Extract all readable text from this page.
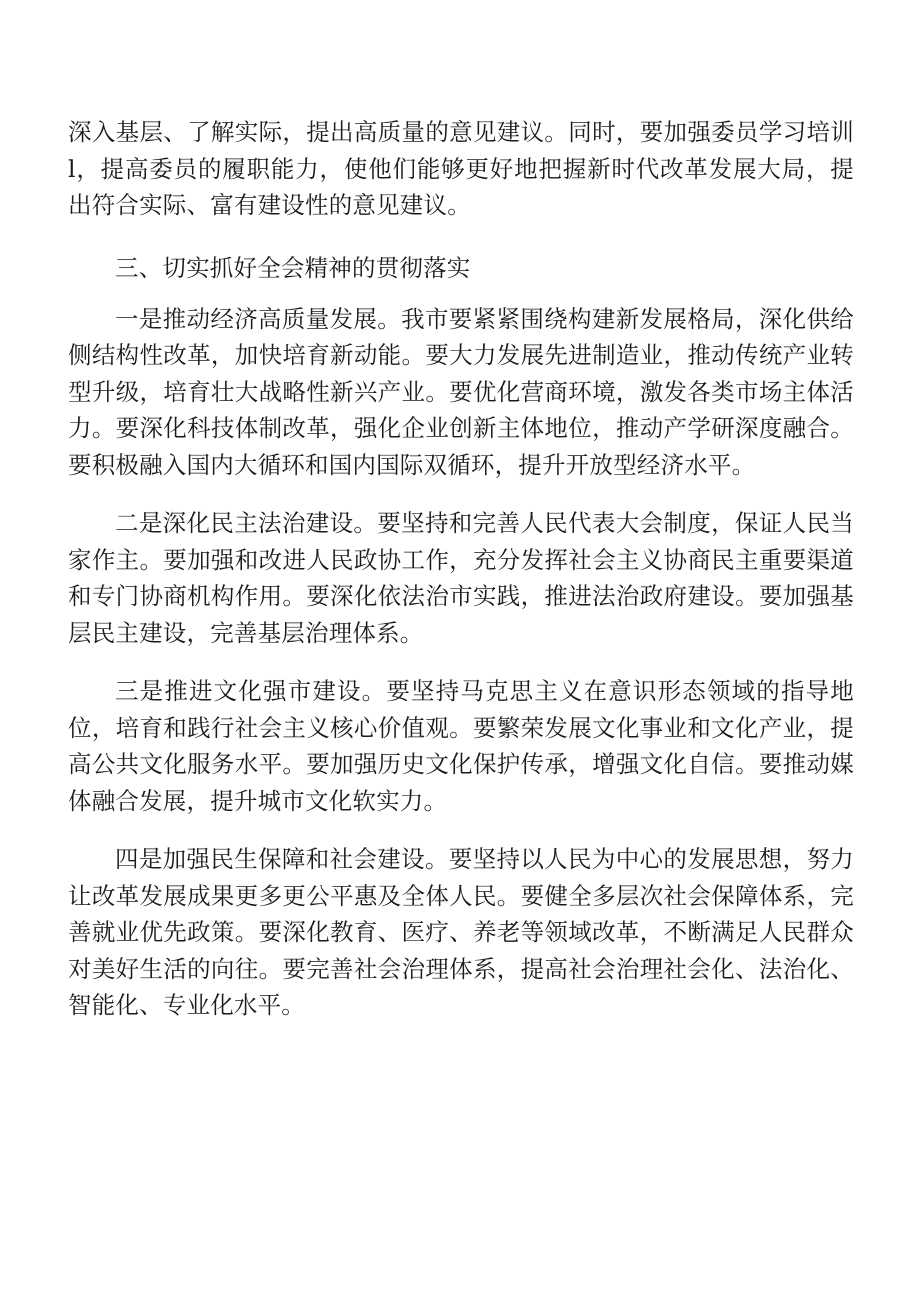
深入基层、了解实际，提出高质量的意见建议。同时，要加强委员学习培训l，提高委员的履职能力，使他们能够更好地把握新时代改革发展大局，提出符合实际、富有建设性的意见建议。

三、切实抓好全会精神的贯彻落实

一是推动经济高质量发展。我市要紧紧围绕构建新发展格局，深化供给侧结构性改革，加快培育新动能。要大力发展先进制造业，推动传统产业转型升级，培育壮大战略性新兴产业。要优化营商环境，激发各类市场主体活力。要深化科技体制改革，强化企业创新主体地位，推动产学研深度融合。要积极融入国内大循环和国内国际双循环，提升开放型经济水平。

二是深化民主法治建设。要坚持和完善人民代表大会制度，保证人民当家作主。要加强和改进人民政协工作，充分发挥社会主义协商民主重要渠道和专门协商机构作用。要深化依法治市实践，推进法治政府建设。要加强基层民主建设，完善基层治理体系。

三是推进文化强市建设。要坚持马克思主义在意识形态领域的指导地位，培育和践行社会主义核心价值观。要繁荣发展文化事业和文化产业，提高公共文化服务水平。要加强历史文化保护传承，增强文化自信。要推动媒体融合发展，提升城市文化软实力。

四是加强民生保障和社会建设。要坚持以人民为中心的发展思想，努力让改革发展成果更多更公平惠及全体人民。要健全多层次社会保障体系，完善就业优先政策。要深化教育、医疗、养老等领域改革，不断满足人民群众对美好生活的向往。要完善社会治理体系，提高社会治理社会化、法治化、智能化、专业化水平。
